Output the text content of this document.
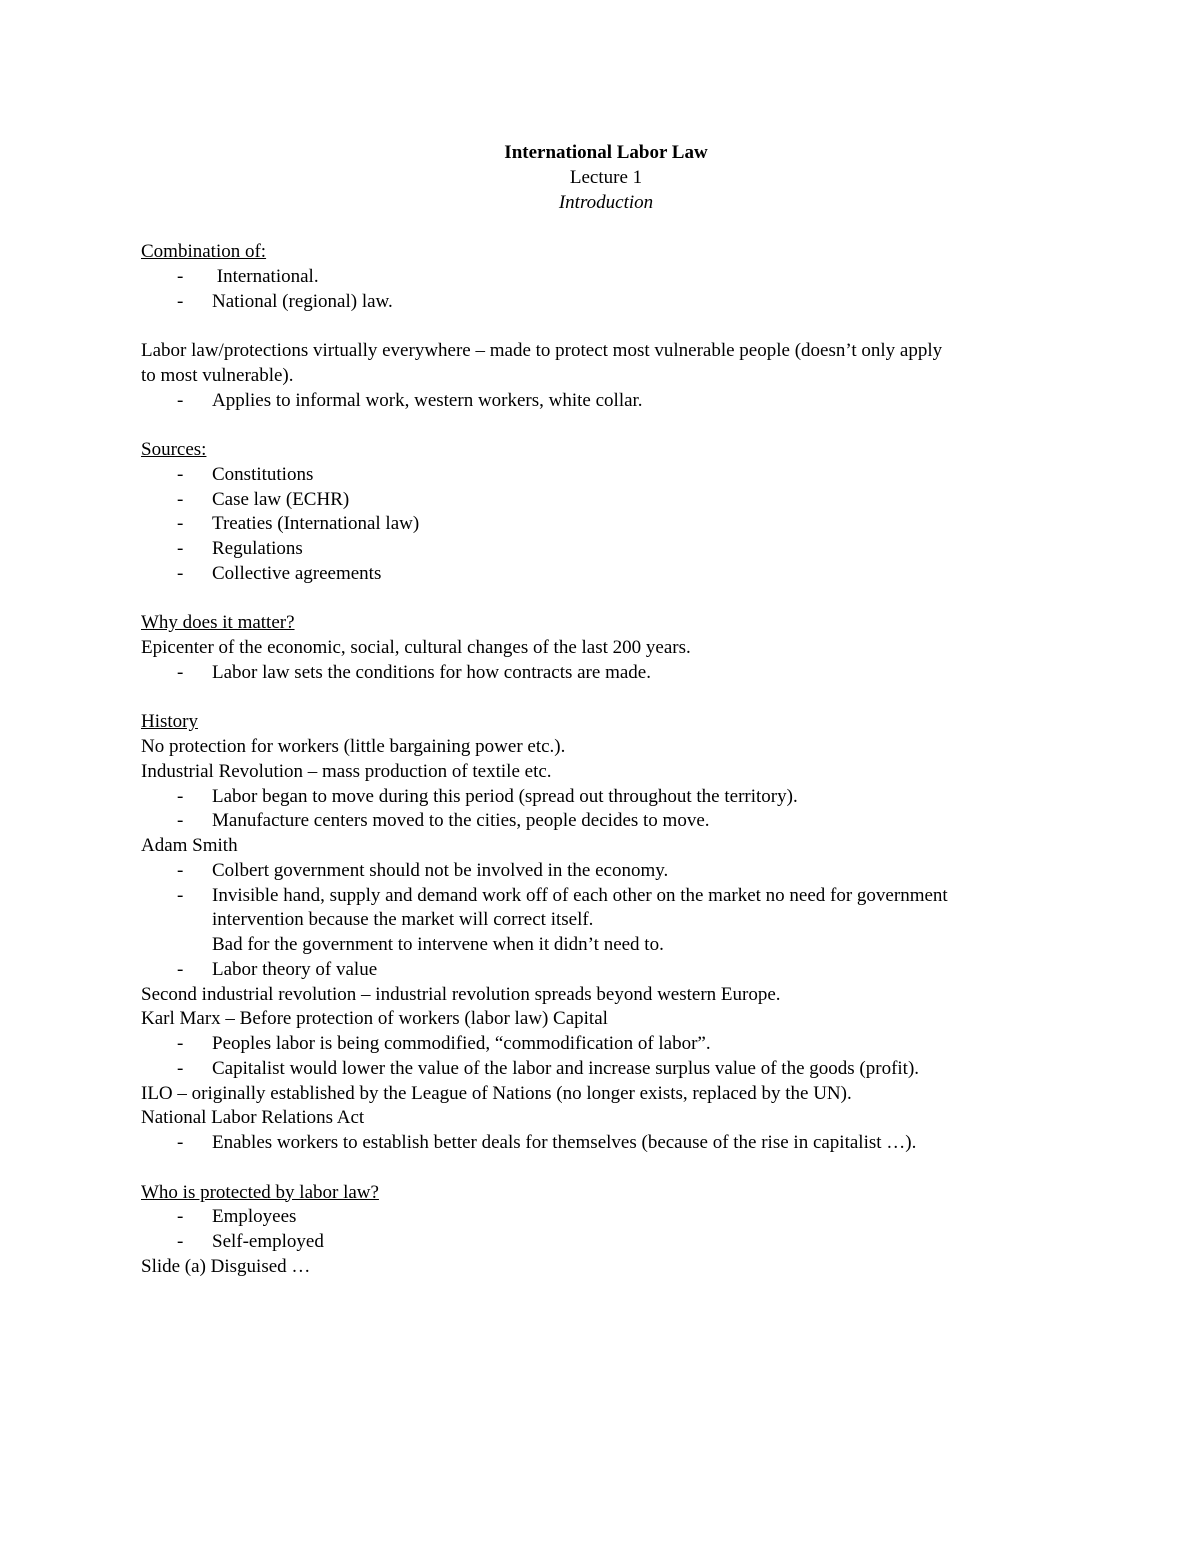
International Labor Law
Lecture 1
Introduction
Combination of:
- International.
- National (regional) law.
Labor law/protections virtually everywhere – made to protect most vulnerable people (doesn’t only apply
to most vulnerable).
- Applies to informal work, western workers, white collar.
Sources:
- Constitutions
- Case law (ECHR)
- Treaties (International law)
- Regulations
- Collective agreements
Why does it matter?
Epicenter of the economic, social, cultural changes of the last 200 years.
- Labor law sets the conditions for how contracts are made.
History
No protection for workers (little bargaining power etc.).
Industrial Revolution – mass production of textile etc.
- Labor began to move during this period (spread out throughout the territory).
- Manufacture centers moved to the cities, people decides to move.
Adam Smith
- Colbert government should not be involved in the economy.
- Invisible hand, supply and demand work off of each other on the market no need for government
intervention because the market will correct itself.
Bad for the government to intervene when it didn’t need to.
- Labor theory of value
Second industrial revolution – industrial revolution spreads beyond western Europe.
Karl Marx – Before protection of workers (labor law) Capital
- Peoples labor is being commodified, “commodification of labor”.
- Capitalist would lower the value of the labor and increase surplus value of the goods (profit).
ILO – originally established by the League of Nations (no longer exists, replaced by the UN).
National Labor Relations Act
- Enables workers to establish better deals for themselves (because of the rise in capitalist …).
Who is protected by labor law?
- Employees
- Self-employed
Slide (a) Disguised …
